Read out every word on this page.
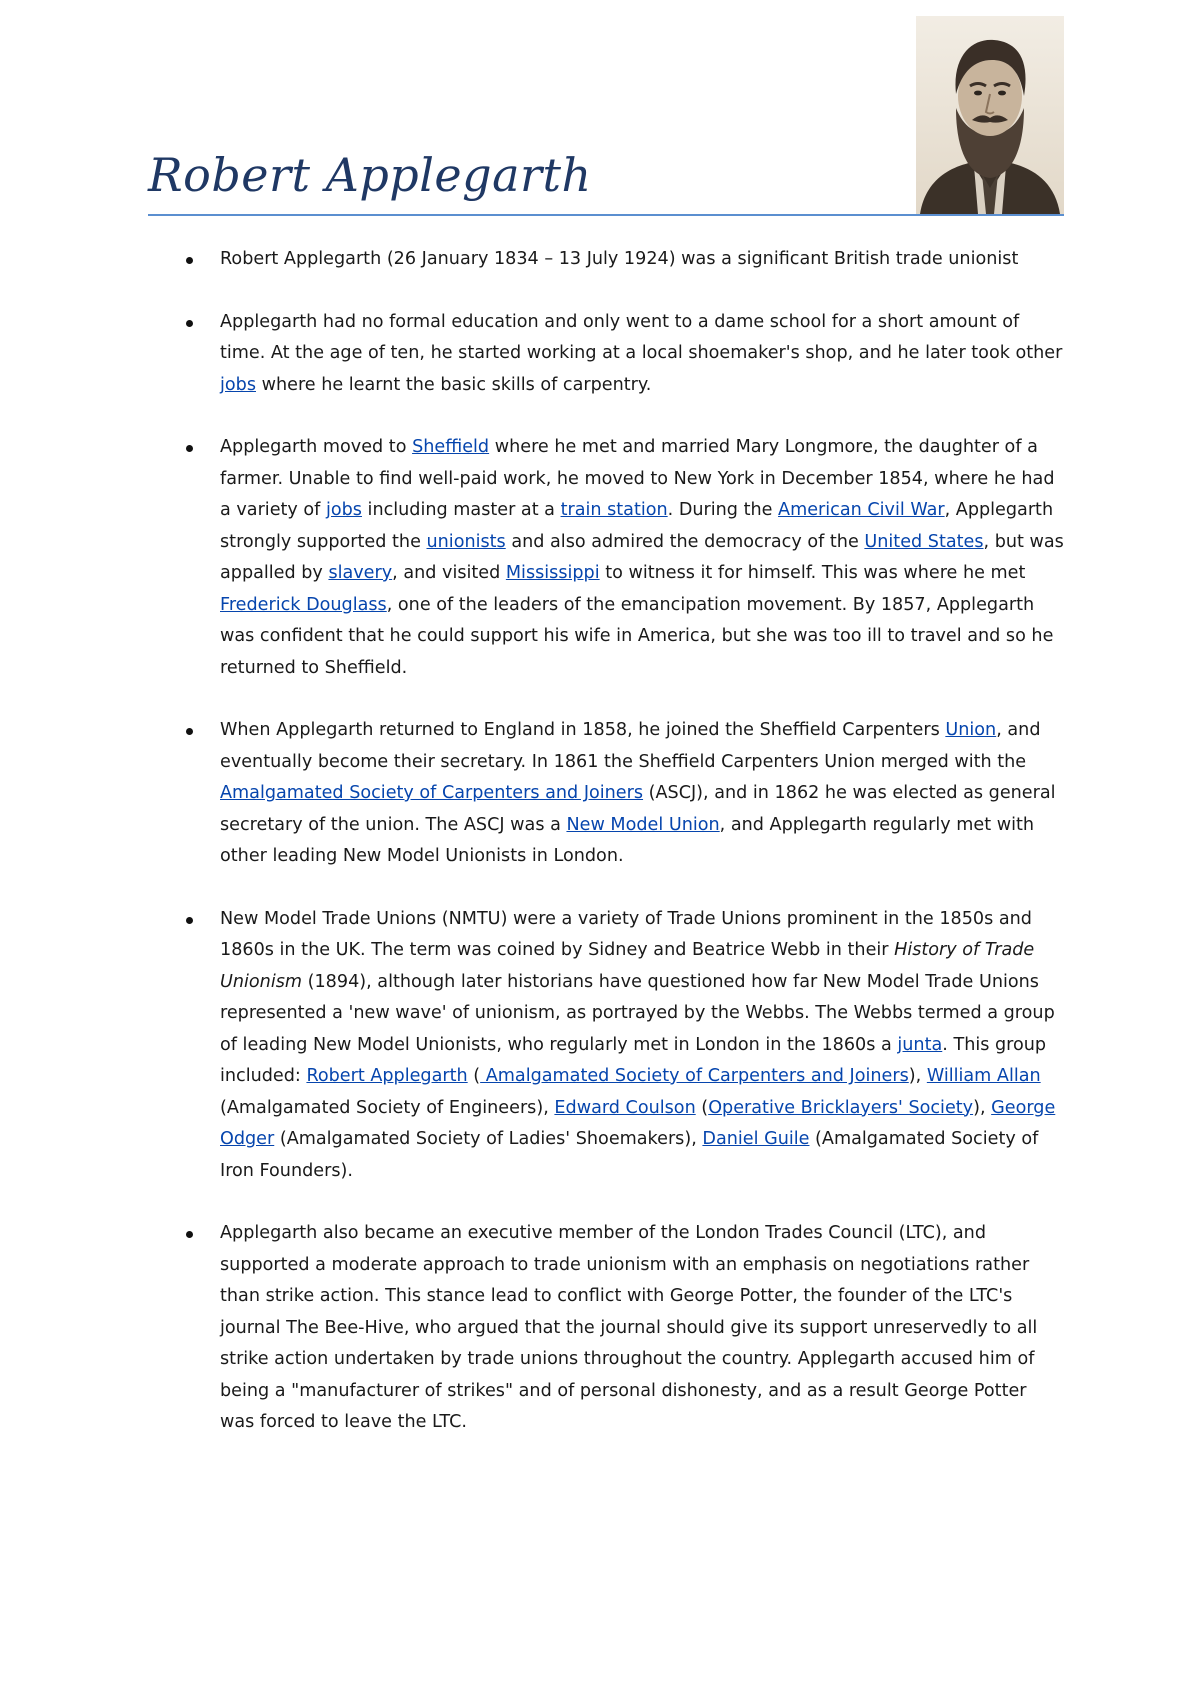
Robert Applegarth
Robert Applegarth (26 January 1834 – 13 July 1924) was a significant British trade unionist
Applegarth had no formal education and only went to a dame school for a short amount of time. At the age of ten, he started working at a local shoemaker's shop, and he later took other jobs where he learnt the basic skills of carpentry.
Applegarth moved to Sheffield where he met and married Mary Longmore, the daughter of a farmer. Unable to find well-paid work, he moved to New York in December 1854, where he had a variety of jobs including master at a train station. During the American Civil War, Applegarth strongly supported the unionists and also admired the democracy of the United States, but was appalled by slavery, and visited Mississippi to witness it for himself. This was where he met Frederick Douglass, one of the leaders of the emancipation movement. By 1857, Applegarth was confident that he could support his wife in America, but she was too ill to travel and so he returned to Sheffield.
When Applegarth returned to England in 1858, he joined the Sheffield Carpenters Union, and eventually become their secretary. In 1861 the Sheffield Carpenters Union merged with the Amalgamated Society of Carpenters and Joiners (ASCJ), and in 1862 he was elected as general secretary of the union. The ASCJ was a New Model Union, and Applegarth regularly met with other leading New Model Unionists in London.
New Model Trade Unions (NMTU) were a variety of Trade Unions prominent in the 1850s and 1860s in the UK. The term was coined by Sidney and Beatrice Webb in their History of Trade Unionism (1894), although later historians have questioned how far New Model Trade Unions represented a 'new wave' of unionism, as portrayed by the Webbs. The Webbs termed a group of leading New Model Unionists, who regularly met in London in the 1860s a junta. This group included: Robert Applegarth ( Amalgamated Society of Carpenters and Joiners), William Allan (Amalgamated Society of Engineers), Edward Coulson (Operative Bricklayers' Society), George Odger (Amalgamated Society of Ladies' Shoemakers), Daniel Guile (Amalgamated Society of Iron Founders).
Applegarth also became an executive member of the London Trades Council (LTC), and supported a moderate approach to trade unionism with an emphasis on negotiations rather than strike action. This stance lead to conflict with George Potter, the founder of the LTC's journal The Bee-Hive, who argued that the journal should give its support unreservedly to all strike action undertaken by trade unions throughout the country. Applegarth accused him of being a "manufacturer of strikes" and of personal dishonesty, and as a result George Potter was forced to leave the LTC.
